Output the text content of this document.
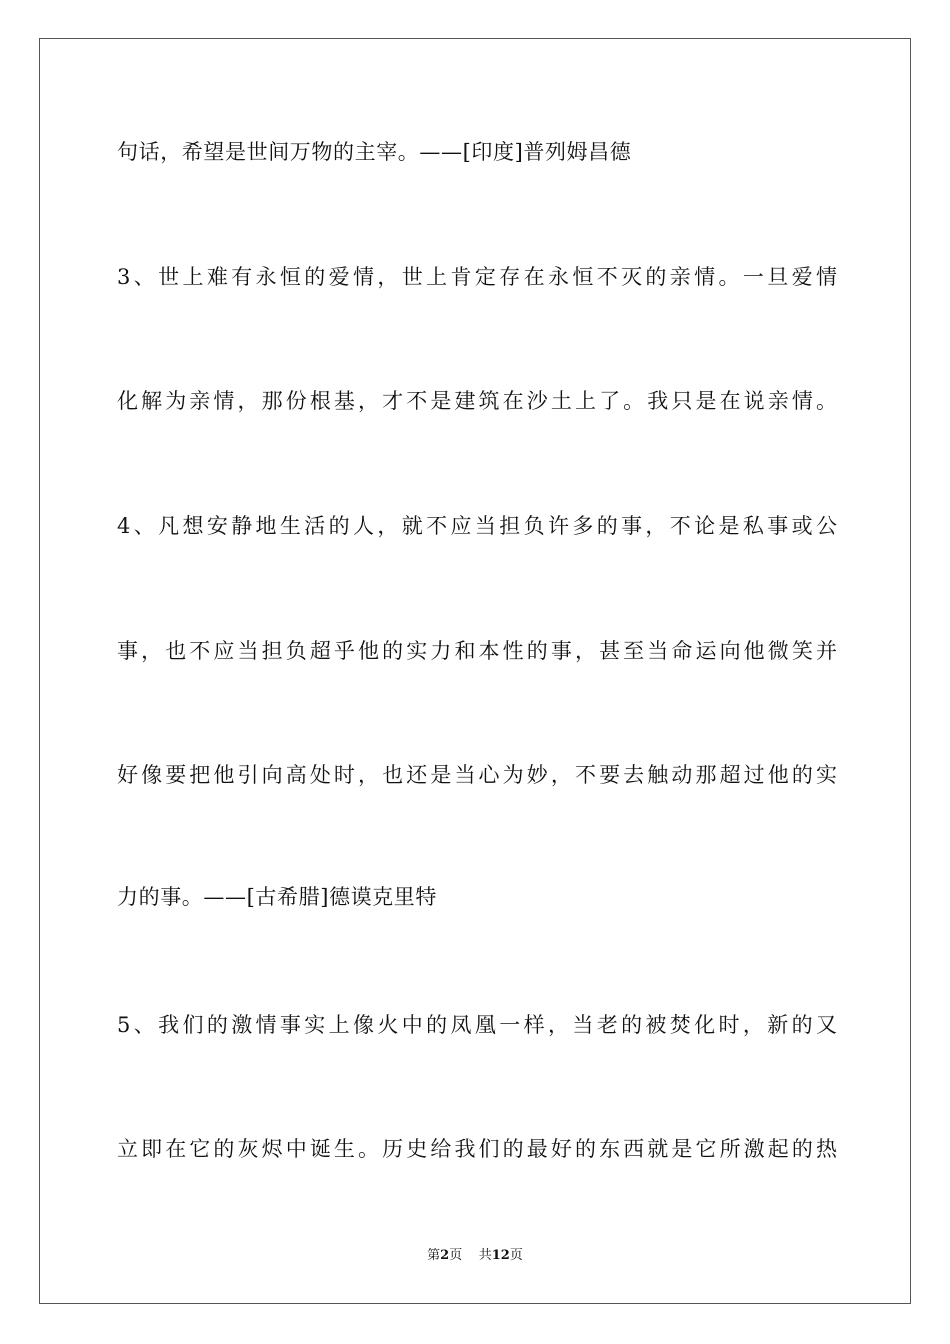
句话，希望是世间万物的主宰。——[印度]普列姆昌德
3、世上难有永恒的爱情，世上肯定存在永恒不灭的亲情。一旦爱情
化解为亲情，那份根基，才不是建筑在沙土上了。我只是在说亲情。
4、凡想安静地生活的人，就不应当担负许多的事，不论是私事或公
事，也不应当担负超乎他的实力和本性的事，甚至当命运向他微笑并
好像要把他引向高处时，也还是当心为妙，不要去触动那超过他的实
力的事。——[古希腊]德谟克里特
5、我们的激情事实上像火中的凤凰一样，当老的被焚化时，新的又
立即在它的灰烬中诞生。历史给我们的最好的东西就是它所激起的热
第2页 共12页
